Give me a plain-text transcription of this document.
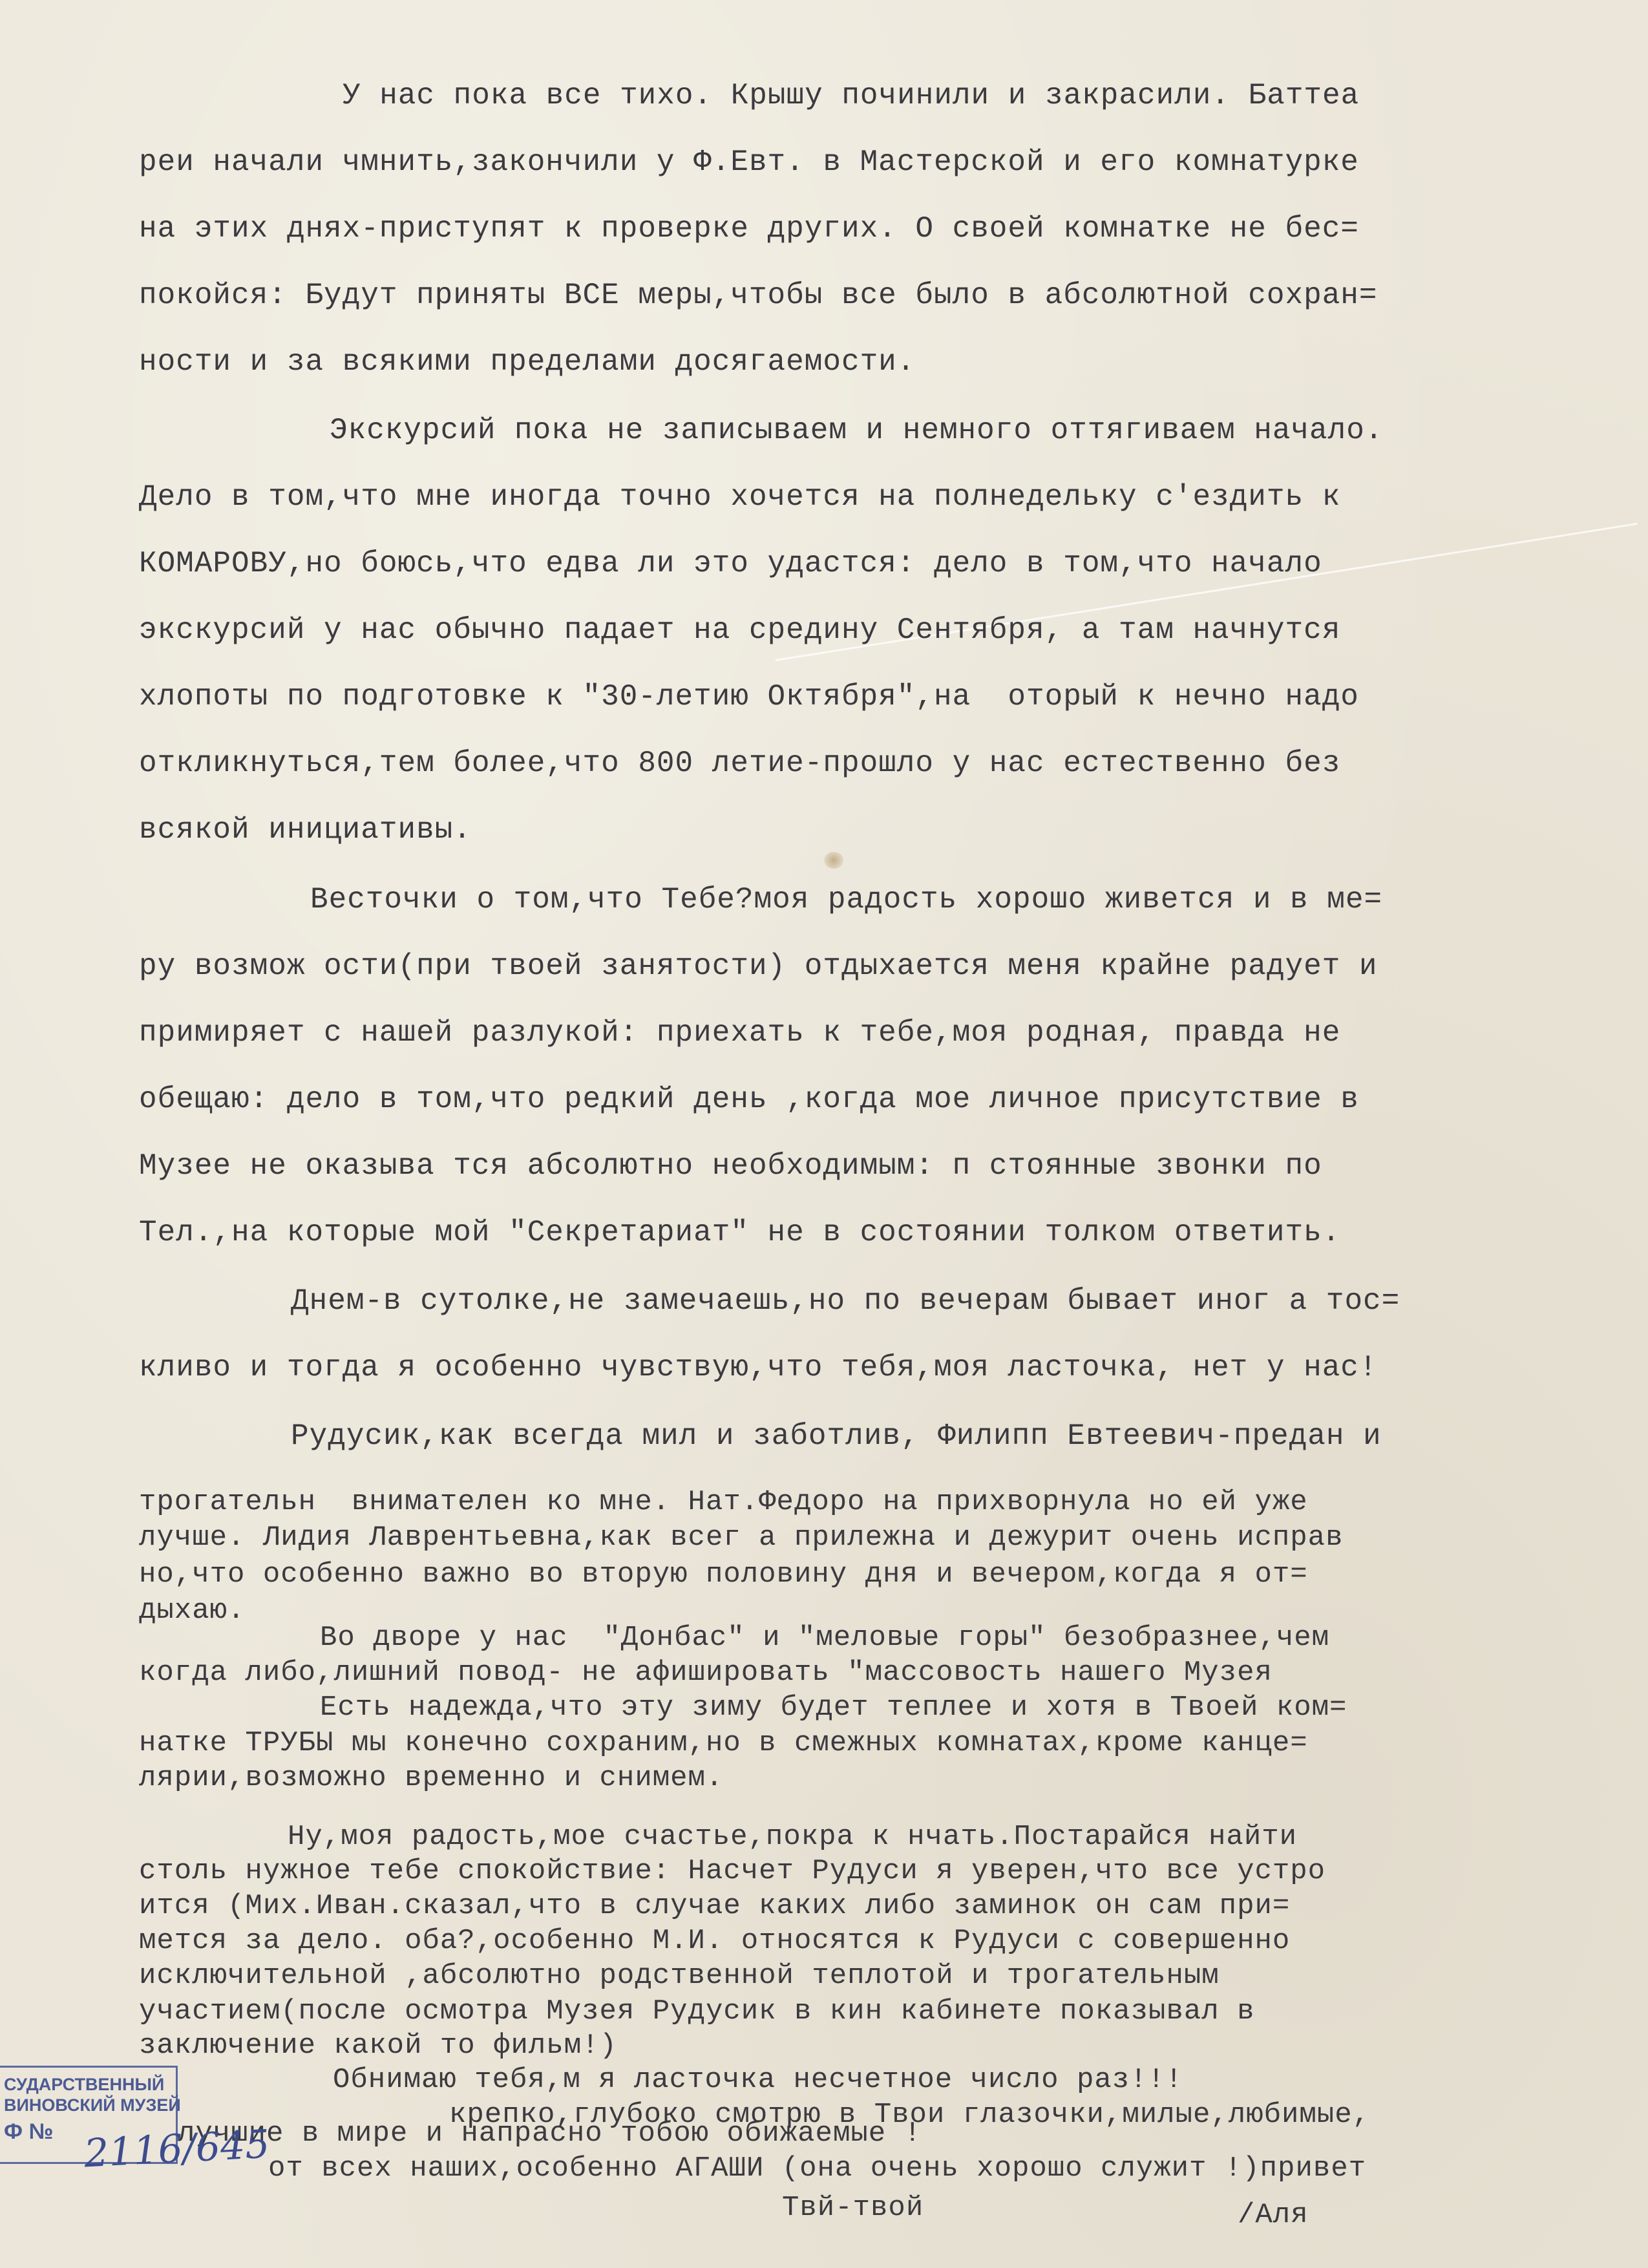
У нас пока все тихо. Крышу починили и закрасили. Баттеа
реи начали чмнить,закончили у Ф.Евт. в Мастерской и его комнатурке
на этих днях-приступят к проверке других. О своей комнатке не бес=
покойся: Будут приняты ВСЕ меры,чтобы все было в абсолютной сохран=
ности и за всякими пределами досягаемости.
Экскурсий пока не записываем и немного оттягиваем начало.
Дело в том,что мне иногда точно хочется на полнедельку с'ездить к
КОМАРОВУ,но боюсь,что едва ли это удастся: дело в том,что начало
экскурсий у нас обычно падает на средину Сентября, а там начнутся
хлопоты по подготовке к "30-летию Октября",на  оторый к нечно надо
откликнуться,тем более,что 800 летие-прошло у нас естественно без
всякой инициативы.
Весточки о том,что Тебе?моя радость хорошо живется и в ме=
ру возмож ости(при твоей занятости) отдыхается меня крайне радует и
примиряет с нашей разлукой: приехать к тебе,моя родная, правда не
обещаю: дело в том,что редкий день ,когда мое личное присутствие в
Музее не оказыва тся абсолютно необходимым: п стоянные звонки по
Тел.,на которые мой "Секретариат" не в состоянии толком ответить.
Днем-в сутолке,не замечаешь,но по вечерам бывает иног а тос=
кливо и тогда я особенно чувствую,что тебя,моя ласточка, нет у нас!
Рудусик,как всегда мил и заботлив, Филипп Евтеевич-предан и
трогательн  внимателен ко мне. Нат.Федоро на прихворнула но ей уже
лучше. Лидия Лаврентьевна,как всег а прилежна и дежурит очень исправ
но,что особенно важно во вторую половину дня и вечером,когда я от=
дыхаю.
Во дворе у нас  "Донбас" и "меловые горы" безобразнее,чем
когда либо,лишний повод- не афишировать "массовость нашего Музея
Есть надежда,что эту зиму будет теплее и хотя в Твоей ком=
натке ТРУБЫ мы конечно сохраним,но в смежных комнатах,кроме канце=
лярии,возможно временно и снимем.
Ну,моя радость,мое счастье,покра к нчать.Постарайся найти
столь нужное тебе спокойствие: Насчет Рудуси я уверен,что все устро
ится (Мих.Иван.сказал,что в случае каких либо заминок он сам при=
мется за дело. оба?,особенно М.И. относятся к Рудуси с совершенно
исключительной ,абсолютно родственной теплотой и трогательным
участием(после осмотра Музея Рудусик в кин кабинете показывал в
заключение какой то фильм!)
Обнимаю тебя,м я ласточка несчетное число раз!!!
крепко,глубоко смотрю в Твои глазочки,милые,любимые,
лучшие в мире и напрасно тобою обижаемые !
от всех наших,особенно АГАШИ (она очень хорошо служит !)привет
Твй-твой	/Аля
СУДАРСТВЕННЫЙ
ВИНОВСКИЙ МУЗЕЙ
Ф № 2116/645
